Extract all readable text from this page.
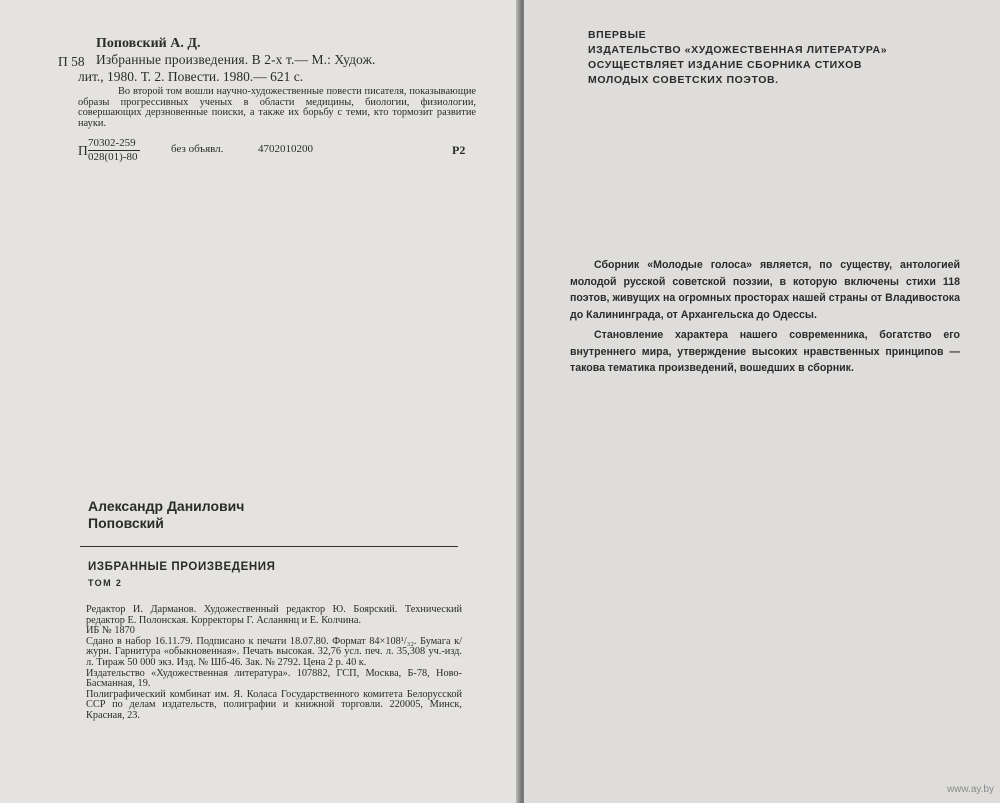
Поповский А. Д.
П 58 Избранные произведения. В 2-х т.— М.: Худож.
лит., 1980. Т. 2. Повести. 1980.— 621 с.

Во второй том вошли научно-художественные повести писателя, показывающие образы прогрессивных ученых в области медицины, биологии, физиологии, совершающих дерзновенные поиски, а также их борьбу с теми, кто тормозит развитие науки.

П $\frac{70302-259}{028(01)-80}$	без объявл.	4702010200	Р2
Александр Данилович
Поповский
ИЗБРАННЫЕ ПРОИЗВЕДЕНИЯ
ТОМ 2

Редактор И. Дарманов. Художественный редактор Ю. Боярский. Технический редактор Е. Полонская. Корректоры Г. Асланянц и Е. Колчина.

ИБ № 1870

Сдано в набор 16.11.79. Подписано к печати 18.07.80. Формат 84×108¹/₃₂. Бумага к/журн. Гарнитура «обыкновенная». Печать высокая. 32,76 усл. печ. л. 35,308 уч.-изд. л. Тираж 50 000 экз. Изд. № Шб-46. Зак. № 2792. Цена 2 р. 40 к.

Издательство «Художественная литература». 107882, ГСП, Москва, Б-78, Ново-Басманная, 19.

Полиграфический комбинат им. Я. Коласа Государственного комитета Белорусской ССР по делам издательств, полиграфии и книжной торговли. 220005, Минск, Красная, 23.

ВПЕРВЫЕ
ИЗДАТЕЛЬСТВО «ХУДОЖЕСТВЕННАЯ ЛИТЕРАТУРА»
ОСУЩЕСТВЛЯЕТ ИЗДАНИЕ СБОРНИКА СТИХОВ
МОЛОДЫХ СОВЕТСКИХ ПОЭТОВ.

Сборник «Молодые голоса» является, по существу, антологией молодой русской советской поэзии, в которую включены стихи 118 поэтов, живущих на огромных просторах нашей страны от Владивостока до Калининграда, от Архангельска до Одессы.

Становление характера нашего современника, богатство его внутреннего мира, утверждение высоких нравственных принципов — такова тематика произведений, вошедших в сборник.

www.ay.by
